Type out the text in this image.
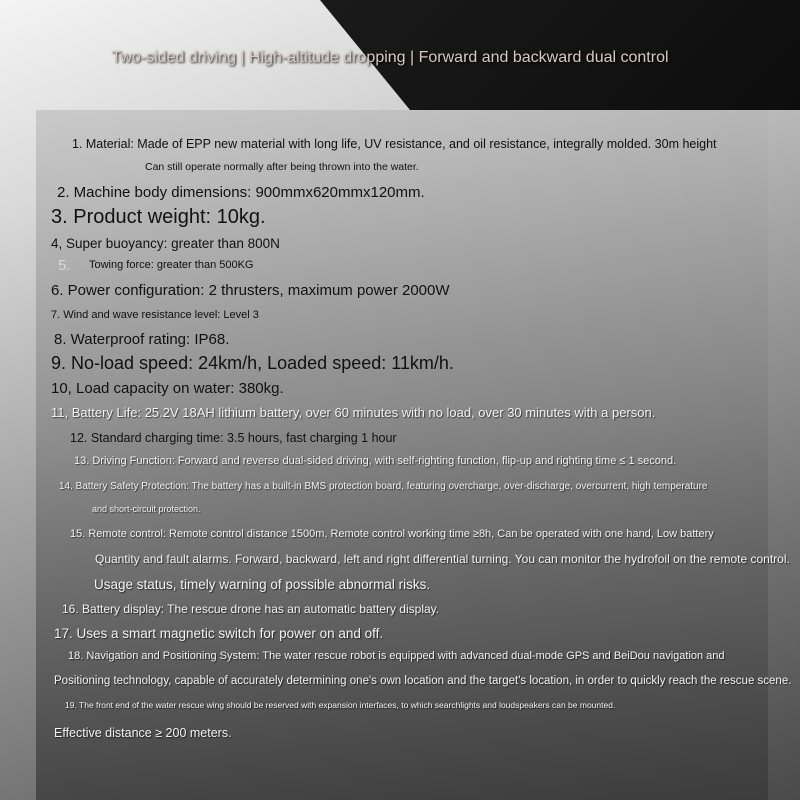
Two-sided driving | High-altitude dropping | Forward and backward dual control
1. Material: Made of EPP new material with long life, UV resistance, and oil resistance, integrally molded. 30m height
Can still operate normally after being thrown into the water.
2. Machine body dimensions: 900mmx620mmx120mm.
3. Product weight: 10kg.
4, Super buoyancy: greater than 800N
5. Towing force: greater than 500KG
6. Power configuration: 2 thrusters, maximum power 2000W
7. Wind and wave resistance level: Level 3
8. Waterproof rating: IP68.
9. No-load speed: 24km/h, Loaded speed: 11km/h.
10, Load capacity on water: 380kg.
11, Battery Life: 25.2V 18AH lithium battery, over 60 minutes with no load, over 30 minutes with a person.
12. Standard charging time: 3.5 hours, fast charging 1 hour
13. Driving Function: Forward and reverse dual-sided driving, with self-righting function, flip-up and righting time ≤ 1 second.
14. Battery Safety Protection: The battery has a built-in BMS protection board, featuring overcharge, over-discharge, overcurrent, high temperature
and short-circuit protection.
15. Remote control: Remote control distance 1500m, Remote control working time ≥8h, Can be operated with one hand, Low battery
Quantity and fault alarms. Forward, backward, left and right differential turning. You can monitor the hydrofoil on the remote control.
Usage status, timely warning of possible abnormal risks.
16. Battery display: The rescue drone has an automatic battery display.
17. Uses a smart magnetic switch for power on and off.
18. Navigation and Positioning System: The water rescue robot is equipped with advanced dual-mode GPS and BeiDou navigation and
Positioning technology, capable of accurately determining one's own location and the target's location, in order to quickly reach the rescue scene.
19. The front end of the water rescue wing should be reserved with expansion interfaces, to which searchlights and loudspeakers can be mounted.
Effective distance ≥ 200 meters.
